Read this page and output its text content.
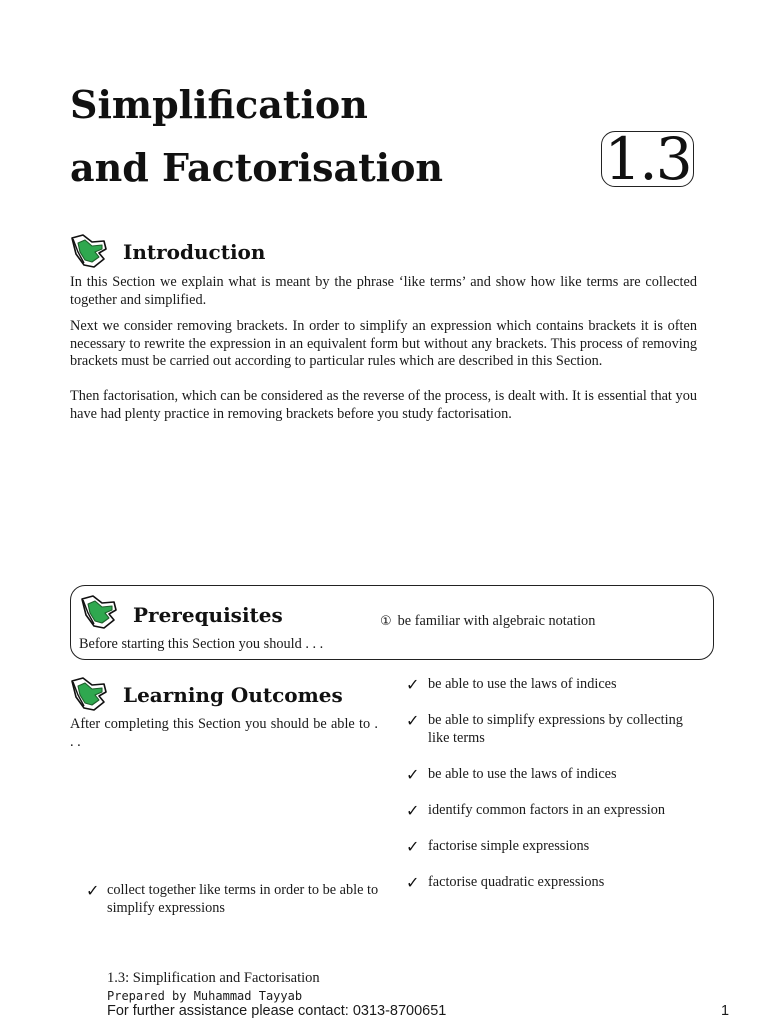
Simplification
and Factorisation	1.3
Introduction

In this Section we explain what is meant by the phrase ‘like terms’ and show how like terms are collected together and simplified.

Next we consider removing brackets. In order to simplify an expression which contains brackets it is often necessary to rewrite the expression in an equivalent form but without any brackets. This process of removing brackets must be carried out according to particular rules which are described in this Section.

Then factorisation, which can be considered as the reverse of the process, is dealt with. It is essential that you have had plenty practice in removing brackets before you study factorisation.

Prerequisites
Before starting this Section you should . . .
① be familiar with algebraic notation
Learning Outcomes
After completing this Section you should be able to . . .
✓ be able to use the laws of indices
✓ be able to simplify expressions by collecting like terms
✓ be able to use the laws of indices
✓ identify common factors in an expression
✓ factorise simple expressions
✓ factorise quadratic expressions
✓ collect together like terms in order to be able to simplify expressions
1.3: Simplification and Factorisation
Prepared by Muhammad Tayyab
For further assistance please contact: 0313-8700651	1
